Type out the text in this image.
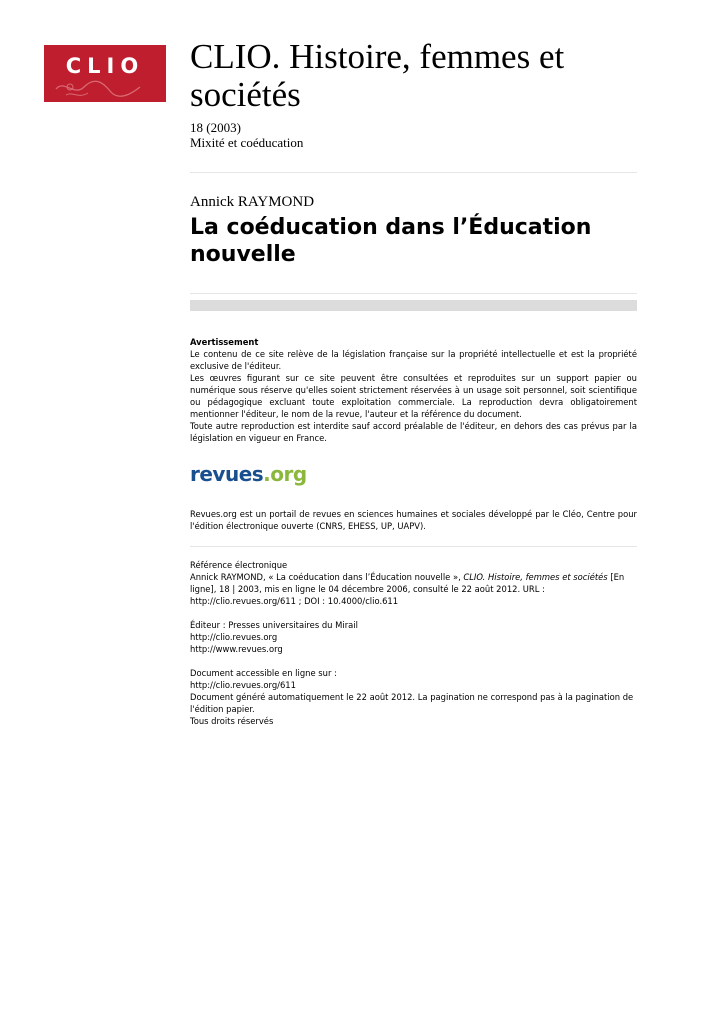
CLIO	CLIO. Histoire, femmes et sociétés
18 (2003)
Mixité et coéducation
Annick RAYMOND
La coéducation dans l’Éducation nouvelle

Avertissement

Le contenu de ce site relève de la législation française sur la propriété intellectuelle et est la propriété exclusive de l'éditeur.

Les œuvres figurant sur ce site peuvent être consultées et reproduites sur un support papier ou numérique sous réserve qu'elles soient strictement réservées à un usage soit personnel, soit scientifique ou pédagogique excluant toute exploitation commerciale. La reproduction devra obligatoirement mentionner l'éditeur, le nom de la revue, l'auteur et la référence du document.

Toute autre reproduction est interdite sauf accord préalable de l'éditeur, en dehors des cas prévus par la législation en vigueur en France.

revues.org

Revues.org est un portail de revues en sciences humaines et sociales développé par le Cléo, Centre pour l'édition électronique ouverte (CNRS, EHESS, UP, UAPV).

Référence électronique

Annick RAYMOND, « La coéducation dans l’Éducation nouvelle », CLIO. Histoire, femmes et sociétés [En ligne], 18 | 2003, mis en ligne le 04 décembre 2006, consulté le 22 août 2012. URL : http://clio.revues.org/611 ; DOI : 10.4000/clio.611

Éditeur : Presses universitaires du Mirail

http://clio.revues.org

http://www.revues.org

Document accessible en ligne sur :

http://clio.revues.org/611

Document généré automatiquement le 22 août 2012. La pagination ne correspond pas à la pagination de l'édition papier.

Tous droits réservés
